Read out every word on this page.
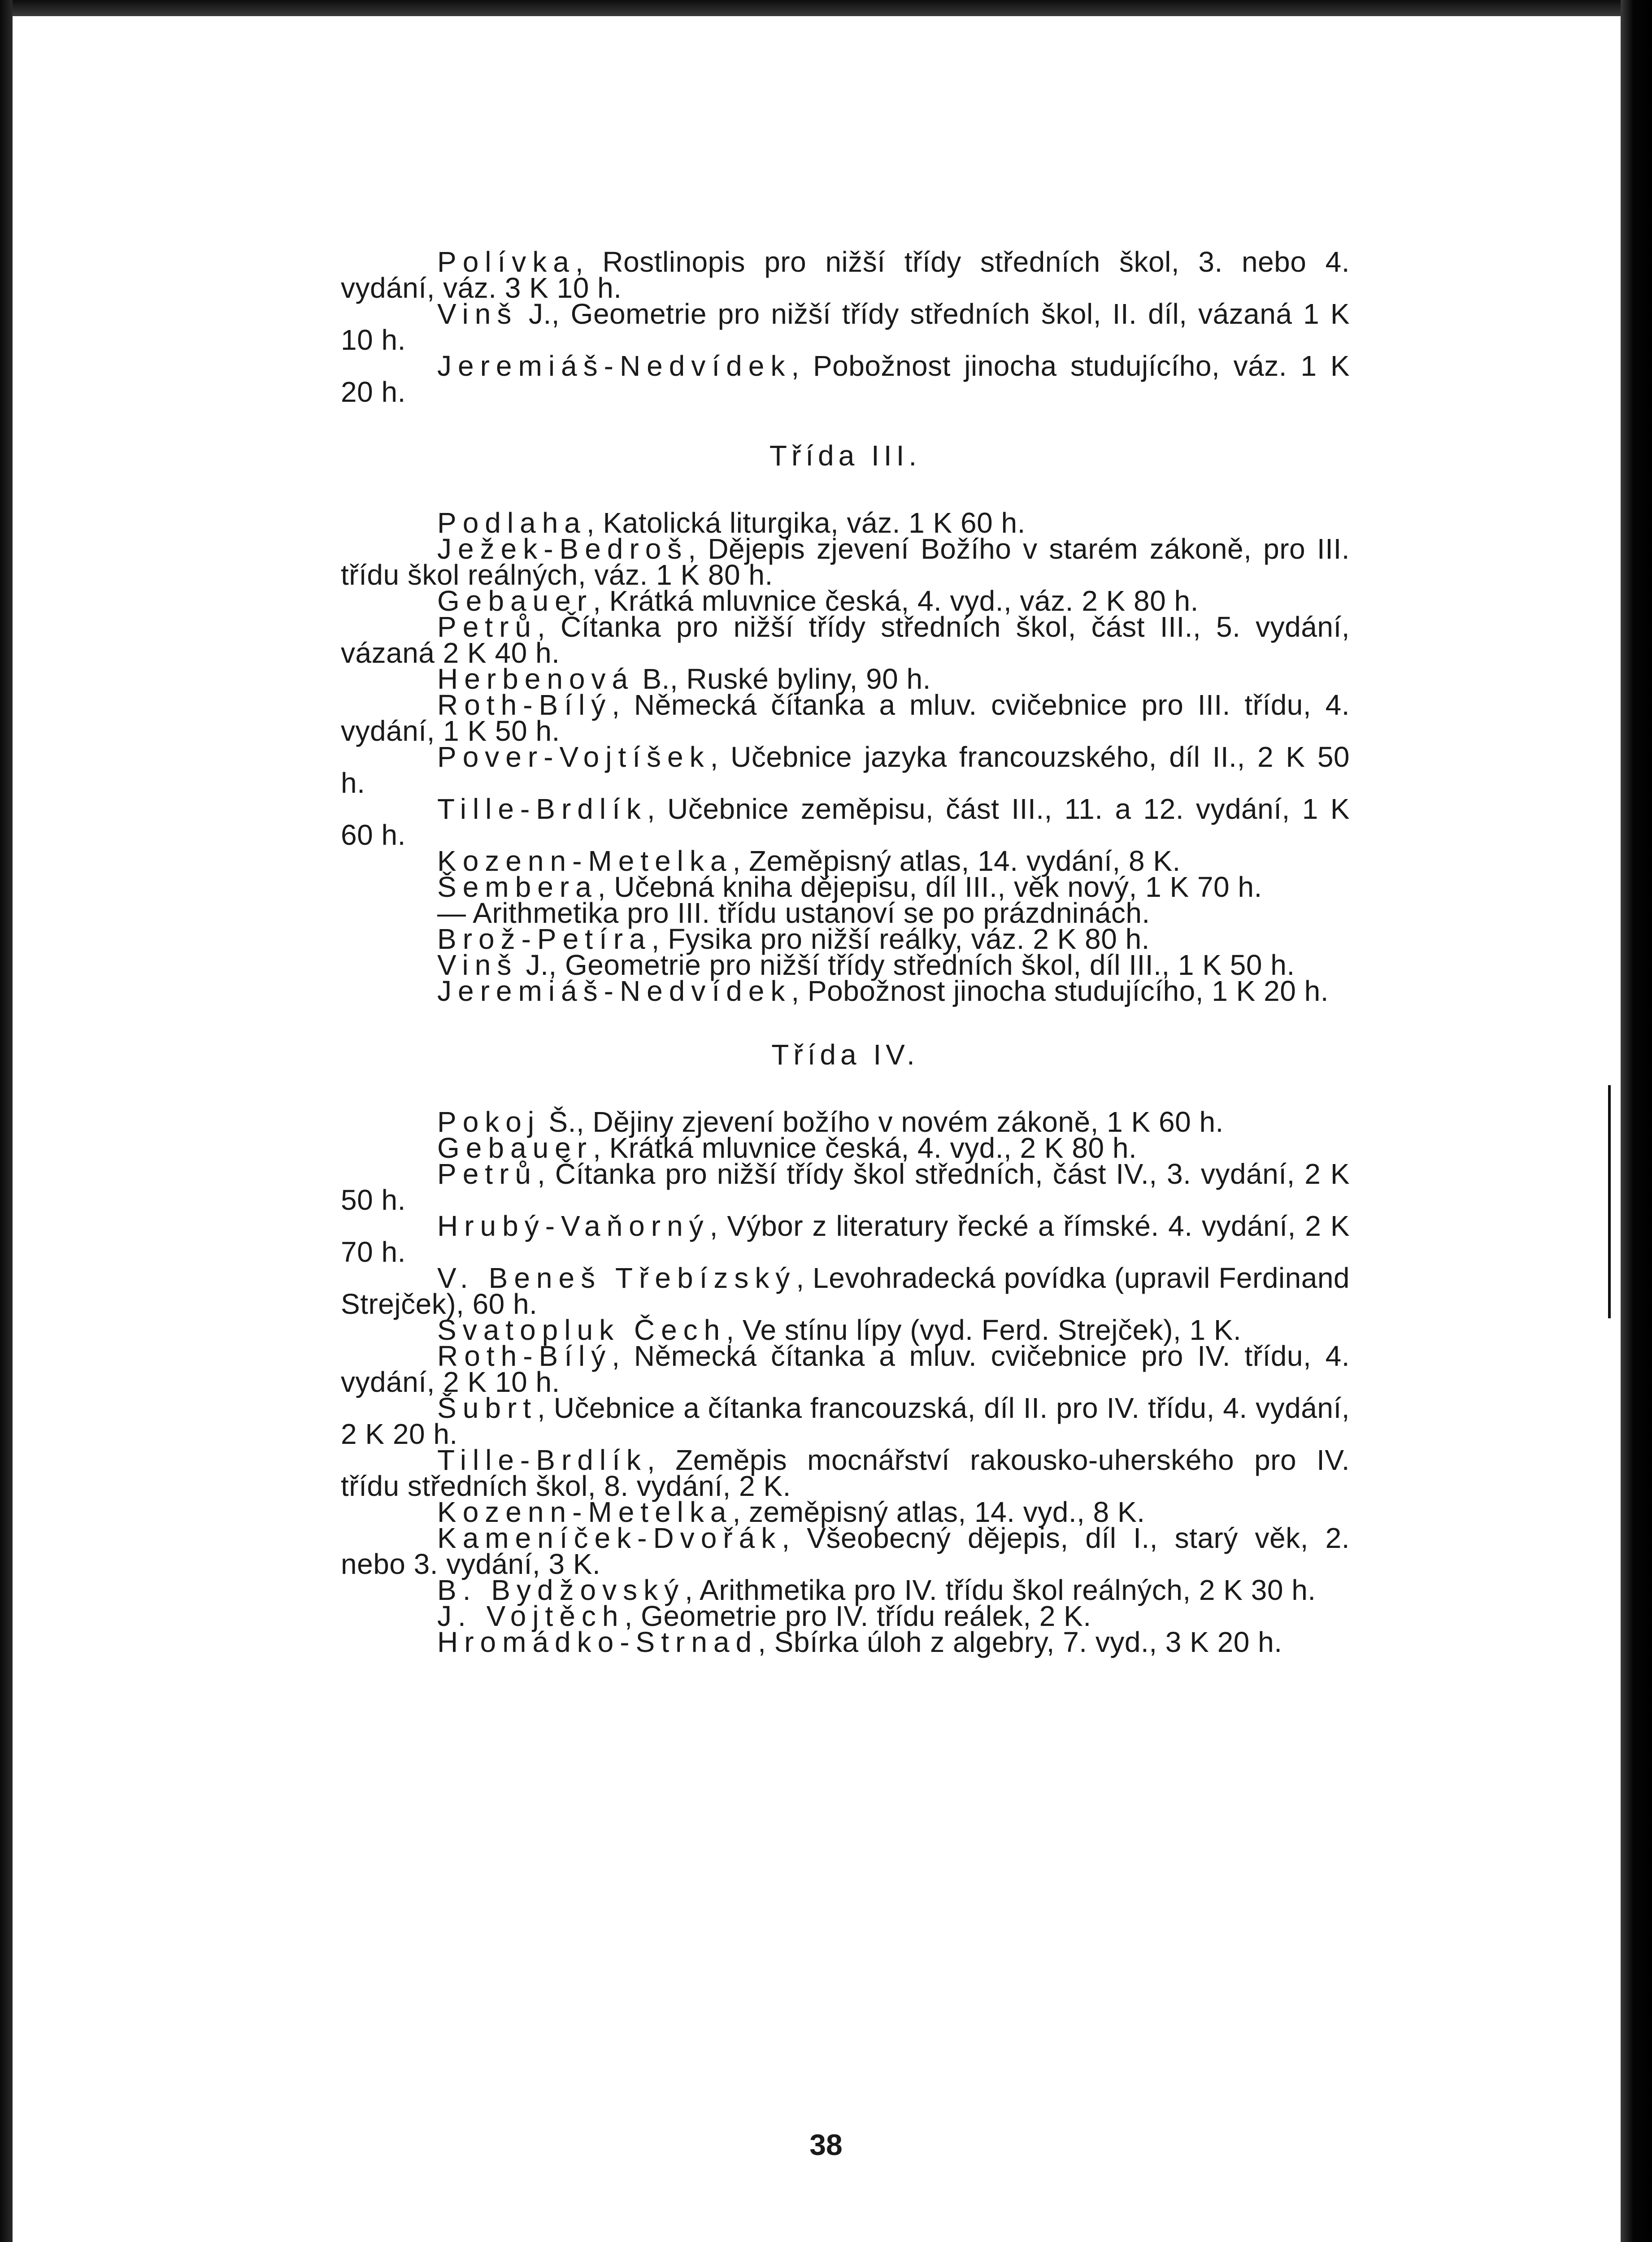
Polívka, Rostlinopis pro nižší třídy středních škol, 3. nebo 4. vydání, váz. 3 K 10 h.

Vinš J., Geometrie pro nižší třídy středních škol, II. díl, vázaná 1 K 10 h.

Jeremiáš-Nedvídek, Pobožnost jinocha studujícího, váz. 1 K 20 h.

Třída III.

Podlaha, Katolická liturgika, váz. 1 K 60 h.

Ježek-Bedroš, Dějepis zjevení Božího v starém zákoně, pro III. třídu škol reálných, váz. 1 K 80 h.

Gebauer, Krátká mluvnice česká, 4. vyd., váz. 2 K 80 h.

Petrů, Čítanka pro nižší třídy středních škol, část III., 5. vydání, vázaná 2 K 40 h.

Herbenová B., Ruské byliny, 90 h.

Roth-Bílý, Německá čítanka a mluv. cvičebnice pro III. třídu, 4. vydání, 1 K 50 h.

Pover-Vojtíšek, Učebnice jazyka francouzského, díl II., 2 K 50 h.

Tille-Brdlík, Učebnice zeměpisu, část III., 11. a 12. vydání, 1 K 60 h.

Kozenn-Metelka, Zeměpisný atlas, 14. vydání, 8 K.

Šembera, Učebná kniha dějepisu, díl III., věk nový, 1 K 70 h.

— Arithmetika pro III. třídu ustanoví se po prázdninách.

Brož-Petíra, Fysika pro nižší reálky, váz. 2 K 80 h.

Vinš J., Geometrie pro nižší třídy středních škol, díl III., 1 K 50 h.

Jeremiáš-Nedvídek, Pobožnost jinocha studujícího, 1 K 20 h.

Třída IV.

Pokoj Š., Dějiny zjevení božího v novém zákoně, 1 K 60 h.

Gebauer, Krátká mluvnice česká, 4. vyd., 2 K 80 h.

Petrů, Čítanka pro nižší třídy škol středních, část IV., 3. vydání, 2 K 50 h.

Hrubý-Vaňorný, Výbor z literatury řecké a římské. 4. vydání, 2 K 70 h.

V. Beneš Třebízský, Levohradecká povídka (upravil Ferdinand Strejček), 60 h.

Svatopluk Čech, Ve stínu lípy (vyd. Ferd. Strejček), 1 K.

Roth-Bílý, Německá čítanka a mluv. cvičebnice pro IV. třídu, 4. vydání, 2 K 10 h.

Šubrt, Učebnice a čítanka francouzská, díl II. pro IV. třídu, 4. vydání, 2 K 20 h.

Tille-Brdlík, Zeměpis mocnářství rakousko-uherského pro IV. třídu středních škol, 8. vydání, 2 K.

Kozenn-Metelka, zeměpisný atlas, 14. vyd., 8 K.

Kameníček-Dvořák, Všeobecný dějepis, díl I., starý věk, 2. nebo 3. vydání, 3 K.

B. Bydžovský, Arithmetika pro IV. třídu škol reálných, 2 K 30 h.

J. Vojtěch, Geometrie pro IV. třídu reálek, 2 K.

Hromádko-Strnad, Sbírka úloh z algebry, 7. vyd., 3 K 20 h.

38
